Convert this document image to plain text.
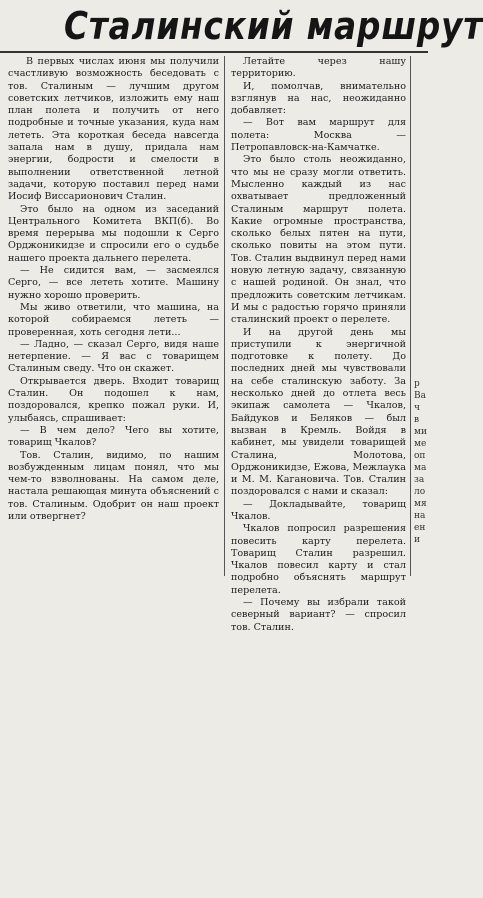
Сталинский маршрут

В первых числах июня мы получили счастливую возможность беседовать с тов. Сталиным — лучшим другом советских летчиков, изложить ему наш план полета и получить от него подробные и точные указания, куда нам лететь. Эта короткая беседа навсегда запала нам в душу, придала нам энергии, бодрости и смелости в выполнении ответственной летной задачи, которую поставил перед нами Иосиф Виссарионович Сталин.

Это было на одном из заседаний Центрального Комитета ВКП(б). Во время перерыва мы подошли к Серго Орджоникидзе и спросили его о судьбе нашего проекта дальнего перелета.

— Не сидится вам, — засмеялся Серго, — все лететь хотите. Машину нужно хорошо проверить.

Мы живо ответили, что машина, на которой собираемся лететь — проверенная, хоть сегодня лети...

— Ладно, — сказал Серго, видя наше нетерпение. — Я вас с товарищем Сталиным сведу. Что он скажет.

Открывается дверь. Входит товарищ Сталин. Он подошел к нам, поздоровался, крепко пожал руки. И, улыбаясь, спрашивает:

— В чем дело? Чего вы хотите, товарищ Чкалов?

Тов. Сталин, видимо, по нашим возбужденным лицам понял, что мы чем-то взволнованы. На самом деле, настала решающая минута объяснений с тов. Сталиным. Одобрит он наш проект или отвергнет?

Летайте через нашу территорию.

И, помолчав, внимательно взглянув на нас, неожиданно добавляет:

— Вот вам маршрут для полета: Москва — Петропавловск-на-Камчатке.

Это было столь неожиданно, что мы не сразу могли ответить. Мысленно каждый из нас охватывает предложенный Сталиным маршрут полета. Какие огромные пространства, сколько белых пятен на пути, сколько повиты на этом пути. Тов. Сталин выдвинул перед нами новую летную задачу, связанную с нашей родиной. Он знал, что предложить советским летчикам. И мы с радостью горячо приняли сталинский проект о перелете.

И на другой день мы приступили к энергичной подготовке к полету. До последних дней мы чувствовали на себе сталинскую заботу. За несколько дней до отлета весь экипаж самолета — Чкалов, Байдуков и Беляков — был вызван в Кремль. Войдя в кабинет, мы увидели товарищей Сталина, Молотова, Орджоникидзе, Ежова, Межлаука и М. М. Кагановича. Тов. Сталин поздоровался с нами и сказал:

— Докладывайте, товарищ Чкалов.

Чкалов попросил разрешения повесить карту перелета. Товарищ Сталин разрешил. Чкалов повесил карту и стал подробно объяснять маршрут перелета.

— Почему вы избрали такой северный вариант? — спросил тов. Сталин.

р

Ва

ч

в

ми

ме

оп

ма

за

ло

мя

на

ен

и
